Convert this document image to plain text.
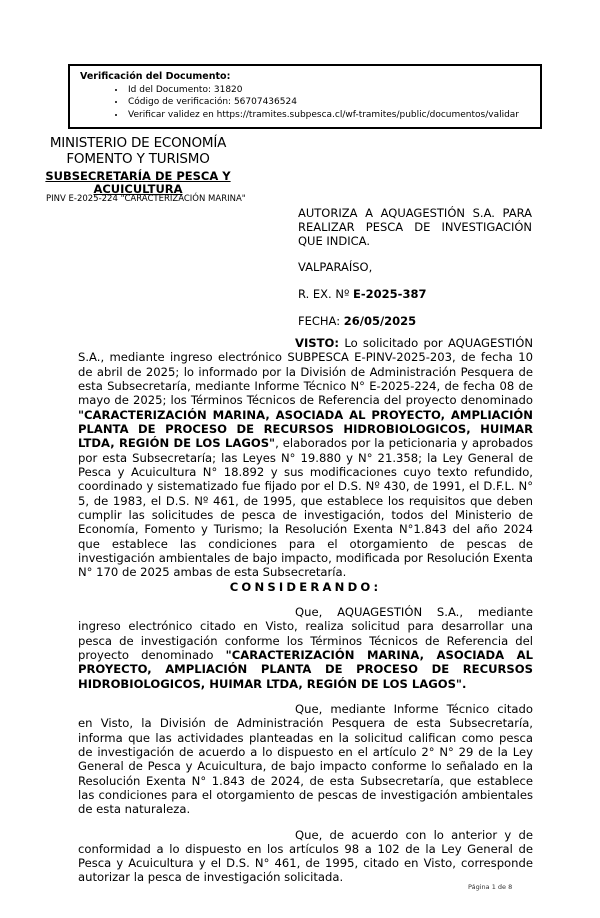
Verificación del Documento:
• Id del Documento: 31820
• Código de verificación: 56707436524
• Verificar validez en https://tramites.subpesca.cl/wf-tramites/public/documentos/validar
MINISTERIO DE ECONOMÍA
FOMENTO Y TURISMO
SUBSECRETARÍA DE PESCA Y
ACUICULTURA
PINV E-2025-224 "CARACTERIZACIÓN MARINA"

AUTORIZA A AQUAGESTIÓN S.A. PARA REALIZAR PESCA DE INVESTIGACIÓN QUE INDICA.

VALPARAÍSO,

R. EX. Nº E-2025-387

FECHA: 26/05/2025

VISTO: Lo solicitado por AQUAGESTIÓN S.A., mediante ingreso electrónico SUBPESCA E-PINV-2025-203, de fecha 10 de abril de 2025; lo informado por la División de Administración Pesquera de esta Subsecretaría, mediante Informe Técnico N° E-2025-224, de fecha 08 de mayo de 2025; los Términos Técnicos de Referencia del proyecto denominado "CARACTERIZACIÓN MARINA, ASOCIADA AL PROYECTO, AMPLIACIÓN PLANTA DE PROCESO DE RECURSOS HIDROBIOLOGICOS, HUIMAR LTDA, REGIÓN DE LOS LAGOS", elaborados por la peticionaria y aprobados por esta Subsecretaría; las Leyes N° 19.880 y N° 21.358; la Ley General de Pesca y Acuicultura N° 18.892 y sus modificaciones cuyo texto refundido, coordinado y sistematizado fue fijado por el D.S. Nº 430, de 1991, el D.F.L. N° 5, de 1983, el D.S. Nº 461, de 1995, que establece los requisitos que deben cumplir las solicitudes de pesca de investigación, todos del Ministerio de Economía, Fomento y Turismo; la Resolución Exenta N°1.843 del año 2024 que establece las condiciones para el otorgamiento de pescas de investigación ambientales de bajo impacto, modificada por Resolución Exenta N° 170 de 2025 ambas de esta Subsecretaría.

CONSIDERANDO:

Que, AQUAGESTIÓN S.A., mediante ingreso electrónico citado en Visto, realiza solicitud para desarrollar una pesca de investigación conforme los Términos Técnicos de Referencia del proyecto denominado "CARACTERIZACIÓN MARINA, ASOCIADA AL PROYECTO, AMPLIACIÓN PLANTA DE PROCESO DE RECURSOS HIDROBIOLOGICOS, HUIMAR LTDA, REGIÓN DE LOS LAGOS".

Que, mediante Informe Técnico citado en Visto, la División de Administración Pesquera de esta Subsecretaría, informa que las actividades planteadas en la solicitud califican como pesca de investigación de acuerdo a lo dispuesto en el artículo 2° N° 29 de la Ley General de Pesca y Acuicultura, de bajo impacto conforme lo señalado en la Resolución Exenta N° 1.843 de 2024, de esta Subsecretaría, que establece las condiciones para el otorgamiento de pescas de investigación ambientales de esta naturaleza.

Que, de acuerdo con lo anterior y de conformidad a lo dispuesto en los artículos 98 a 102 de la Ley General de Pesca y Acuicultura y el D.S. N° 461, de 1995, citado en Visto, corresponde autorizar la pesca de investigación solicitada.

Página 1 de 8
